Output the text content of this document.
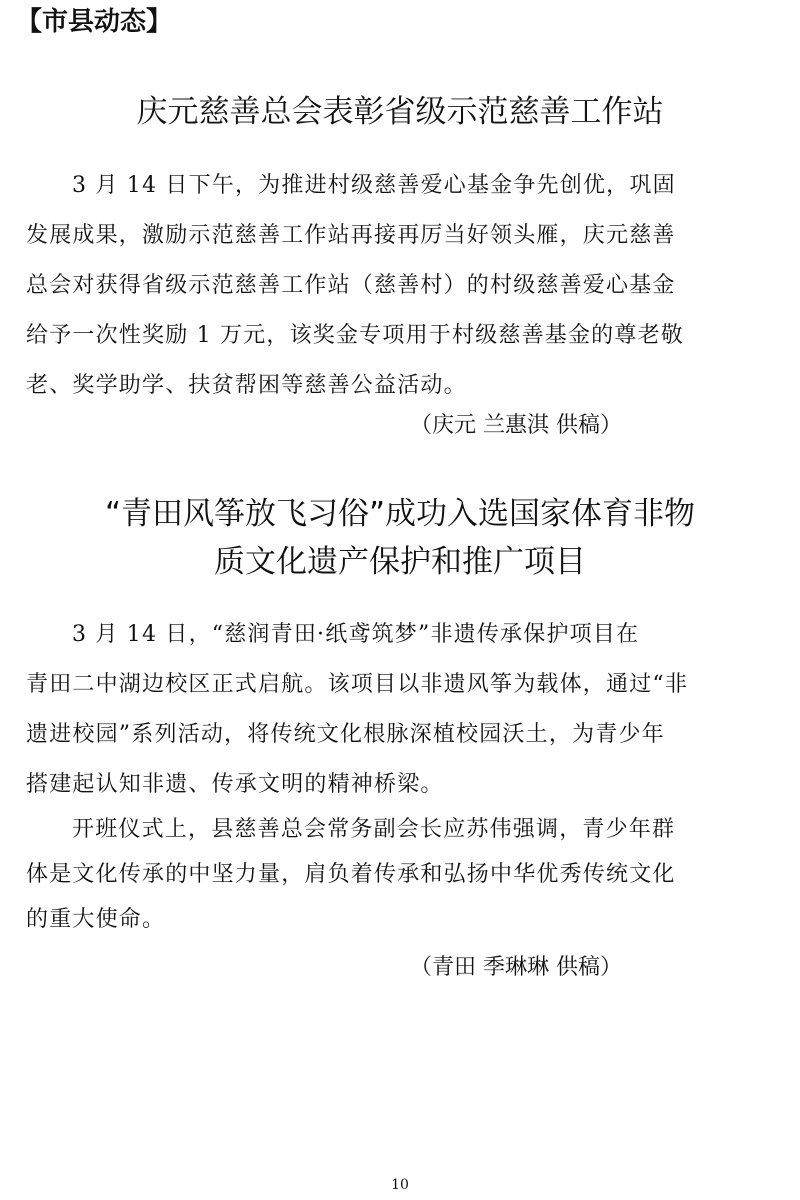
【市县动态】
庆元慈善总会表彰省级示范慈善工作站
3 月 14 日下午，为推进村级慈善爱心基金争先创优，巩固
发展成果，激励示范慈善工作站再接再厉当好领头雁，庆元慈善
总会对获得省级示范慈善工作站（慈善村）的村级慈善爱心基金
给予一次性奖励 1 万元，该奖金专项用于村级慈善基金的尊老敬
老、奖学助学、扶贫帮困等慈善公益活动。
（庆元 兰惠淇 供稿）
“青田风筝放飞习俗”成功入选国家体育非物
质文化遗产保护和推广项目
3 月 14 日，“慈润青田·纸鸢筑梦”非遗传承保护项目在
青田二中湖边校区正式启航。该项目以非遗风筝为载体，通过“非
遗进校园”系列活动，将传统文化根脉深植校园沃土，为青少年
搭建起认知非遗、传承文明的精神桥梁。
开班仪式上，县慈善总会常务副会长应苏伟强调，青少年群
体是文化传承的中坚力量，肩负着传承和弘扬中华优秀传统文化
的重大使命。
（青田 季琳琳 供稿）
10
